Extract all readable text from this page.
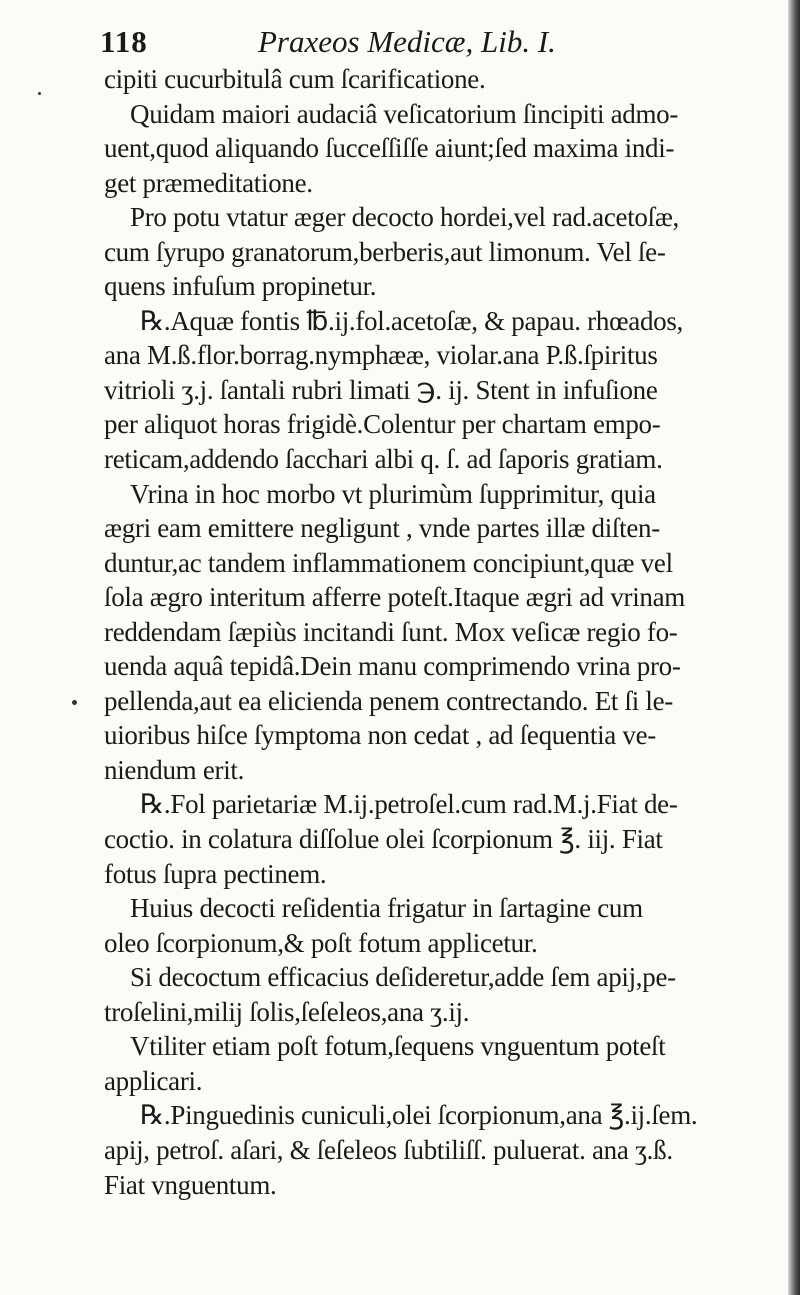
118	Praxeos Medicæ, Lib. I.
cipiti cucurbitulâ cum ſcarificatione.
Quidam maiori audaciâ veſicatorium ſincipiti admo-
uent,quod aliquando ſucceſſiſſe aiunt;ſed maxima indi-
get præmeditatione.
Pro potu vtatur æger decocto hordei,vel rad.acetoſæ,
cum ſyrupo granatorum,berberis,aut limonum. Vel ſe-
quens infuſum propinetur.
℞.Aquæ fontis ℔.ij.fol.acetoſæ, & papau. rhœados,
ana M.ß.flor.borrag.nymphææ, violar.ana P.ß.ſpiritus
vitrioli ʒ.j. ſantali rubri limati ℈. ij. Stent in infuſione
per aliquot horas frigidè.Colentur per chartam empo-
reticam,addendo ſacchari albi q. ſ. ad ſaporis gratiam.
Vrina in hoc morbo vt plurimùm ſupprimitur, quia
ægri eam emittere negligunt , vnde partes illæ diſten-
duntur,ac tandem inflammationem concipiunt,quæ vel
ſola ægro interitum afferre poteſt.Itaque ægri ad vrinam
reddendam ſæpiùs incitandi ſunt. Mox veſicæ regio fo-
uenda aquâ tepidâ.Dein manu comprimendo vrina pro-
pellenda,aut ea elicienda penem contrectando. Et ſi le-
uioribus hiſce ſymptoma non cedat , ad ſequentia ve-
niendum erit.
℞.Fol parietariæ M.ij.petroſel.cum rad.M.j.Fiat de-
coctio. in colatura diſſolue olei ſcorpionum ℥. iij. Fiat
fotus ſupra pectinem.
Huius decocti reſidentia frigatur in ſartagine cum
oleo ſcorpionum,& poſt fotum applicetur.
Si decoctum efficacius deſideretur,adde ſem apij,pe-
troſelini,milij ſolis,ſeſeleos,ana ʒ.ij.
Vtiliter etiam poſt fotum,ſequens vnguentum poteſt
applicari.
℞.Pinguedinis cuniculi,olei ſcorpionum,ana ℥.ij.ſem.
apij, petroſ. aſari, & ſeſeleos ſubtiliſſ. puluerat. ana ʒ.ß.
Fiat vnguentum.
